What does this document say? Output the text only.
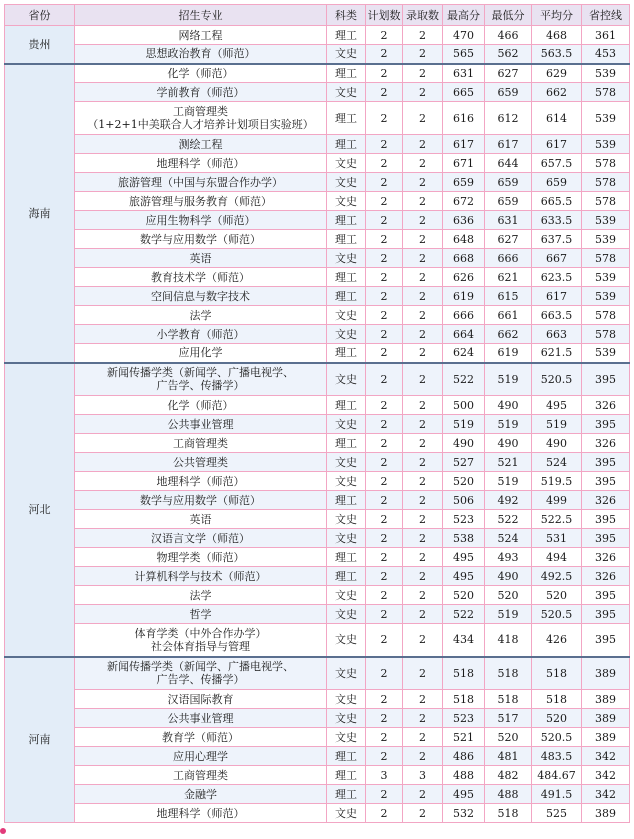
省份	招生专业	科类	计划数	录取数	最高分	最低分	平均分	省控线
贵州	网络工程	理工	2	2	470	466	468	361

	思想政治教育（师范）	文史	2	2	565	562	563.5	453
海南	化学（师范）	理工	2	2	631	627	629	539

	学前教育（师范）	文史	2	2	665	659	662	578

	工商管理类
（1+2+1中美联合人才培养计划项目实验班）	理工	2	2	616	612	614	539

	测绘工程	理工	2	2	617	617	617	539

	地理科学（师范）	文史	2	2	671	644	657.5	578

	旅游管理（中国与东盟合作办学）	文史	2	2	659	659	659	578

	旅游管理与服务教育（师范）	文史	2	2	672	659	665.5	578

	应用生物科学（师范）	理工	2	2	636	631	633.5	539

	数学与应用数学（师范）	理工	2	2	648	627	637.5	539

	英语	文史	2	2	668	666	667	578

	教育技术学（师范）	理工	2	2	626	621	623.5	539

	空间信息与数字技术	理工	2	2	619	615	617	539

	法学	文史	2	2	666	661	663.5	578

	小学教育（师范）	文史	2	2	664	662	663	578

	应用化学	理工	2	2	624	619	621.5	539
河北	新闻传播学类（新闻学、广播电视学、
广告学、传播学）	文史	2	2	522	519	520.5	395

	化学（师范）	理工	2	2	500	490	495	326

	公共事业管理	文史	2	2	519	519	519	395

	工商管理类	理工	2	2	490	490	490	326

	公共管理类	文史	2	2	527	521	524	395

	地理科学（师范）	文史	2	2	520	519	519.5	395

	数学与应用数学（师范）	理工	2	2	506	492	499	326

	英语	文史	2	2	523	522	522.5	395

	汉语言文学（师范）	文史	2	2	538	524	531	395

	物理学类（师范）	理工	2	2	495	493	494	326

	计算机科学与技术（师范）	理工	2	2	495	490	492.5	326

	法学	文史	2	2	520	520	520	395

	哲学	文史	2	2	522	519	520.5	395

	体育学类（中外合作办学）
社会体育指导与管理	文史	2	2	434	418	426	395
河南	新闻传播学类（新闻学、广播电视学、
广告学、传播学）	文史	2	2	518	518	518	389

	汉语国际教育	文史	2	2	518	518	518	389

	公共事业管理	文史	2	2	523	517	520	389

	教育学（师范）	文史	2	2	521	520	520.5	389

	应用心理学	理工	2	2	486	481	483.5	342

	工商管理类	理工	3	3	488	482	484.67	342

	金融学	理工	2	2	495	488	491.5	342

	地理科学（师范）	文史	2	2	532	518	525	389
